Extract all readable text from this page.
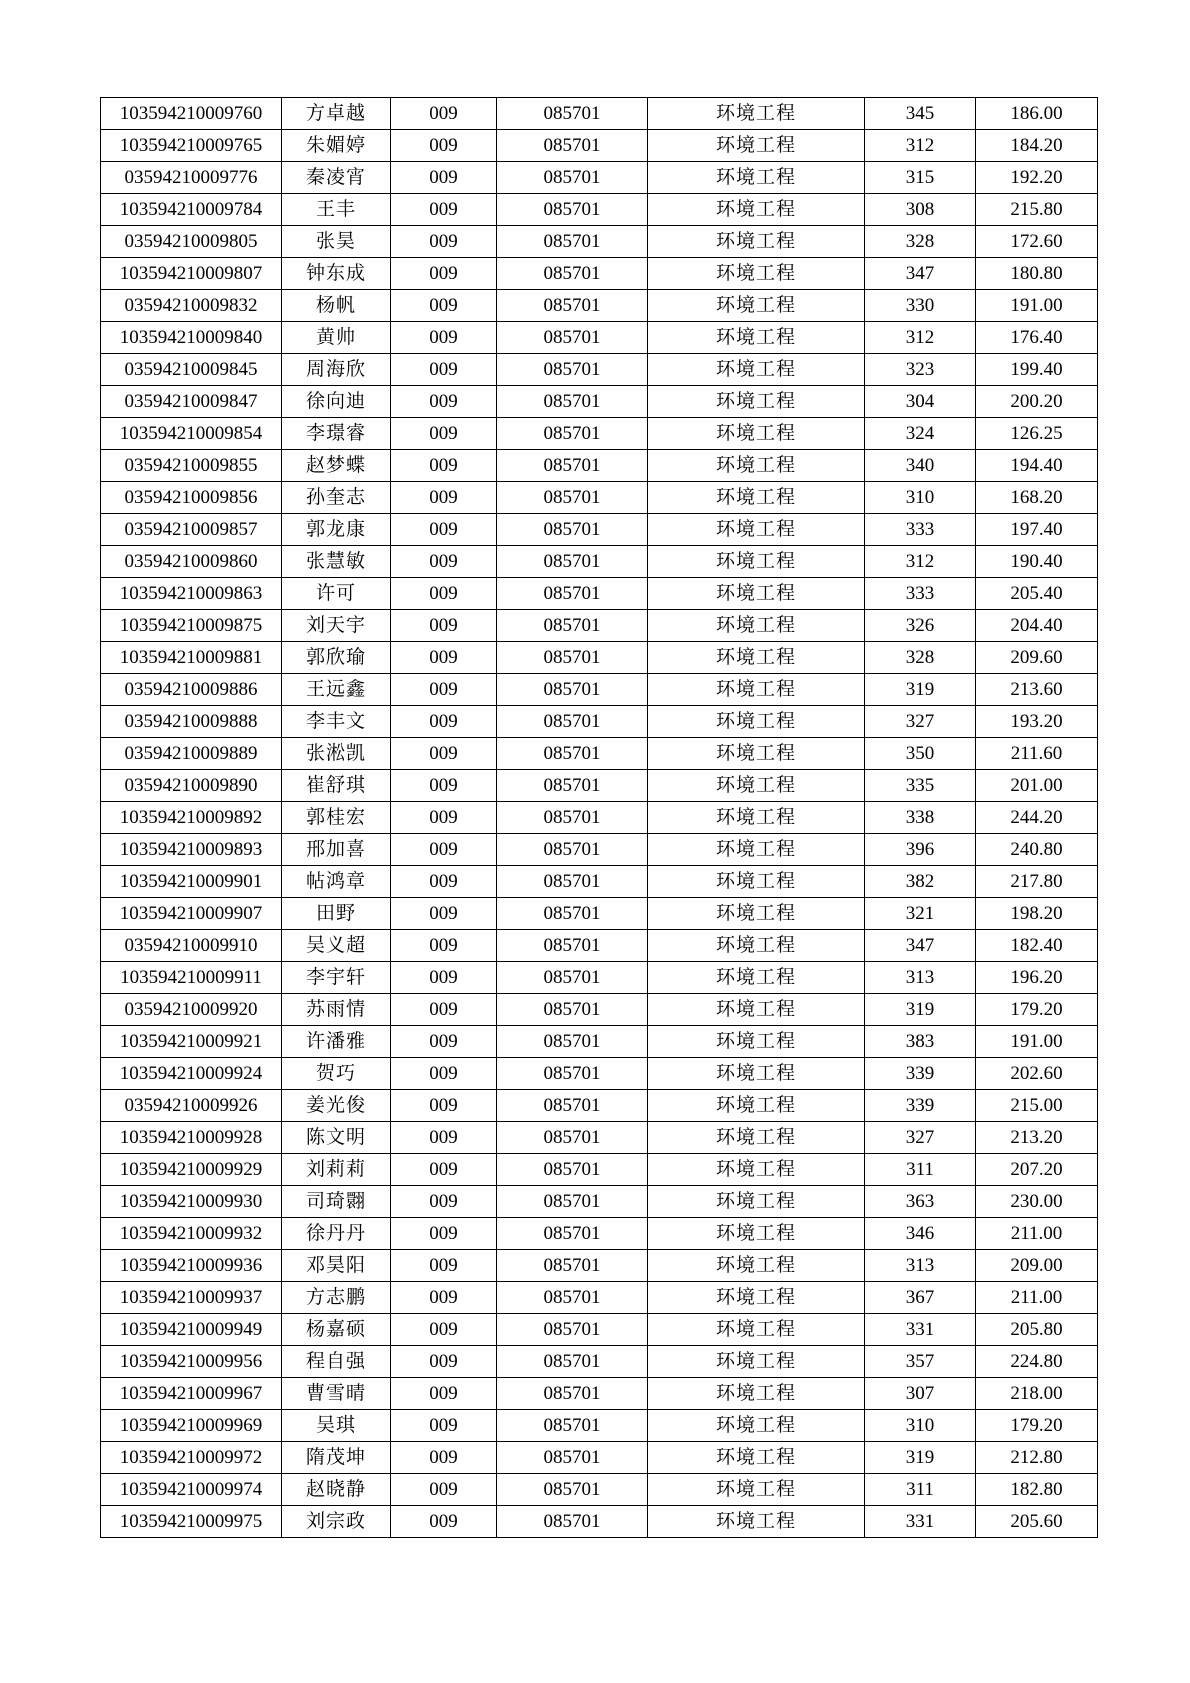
103594210009760	方卓越	009	085701	环境工程	345	186.00
103594210009765	朱媚婷	009	085701	环境工程	312	184.20
03594210009776	秦凌宵	009	085701	环境工程	315	192.20
103594210009784	王丰	009	085701	环境工程	308	215.80
03594210009805	张昊	009	085701	环境工程	328	172.60
103594210009807	钟东成	009	085701	环境工程	347	180.80
03594210009832	杨帆	009	085701	环境工程	330	191.00
103594210009840	黄帅	009	085701	环境工程	312	176.40
03594210009845	周海欣	009	085701	环境工程	323	199.40
03594210009847	徐向迪	009	085701	环境工程	304	200.20
103594210009854	李璟睿	009	085701	环境工程	324	126.25
03594210009855	赵梦蝶	009	085701	环境工程	340	194.40
03594210009856	孙奎志	009	085701	环境工程	310	168.20
03594210009857	郭龙康	009	085701	环境工程	333	197.40
03594210009860	张慧敏	009	085701	环境工程	312	190.40
103594210009863	许可	009	085701	环境工程	333	205.40
103594210009875	刘天宇	009	085701	环境工程	326	204.40
103594210009881	郭欣瑜	009	085701	环境工程	328	209.60
03594210009886	王远鑫	009	085701	环境工程	319	213.60
03594210009888	李丰文	009	085701	环境工程	327	193.20
03594210009889	张淞凯	009	085701	环境工程	350	211.60
03594210009890	崔舒琪	009	085701	环境工程	335	201.00
103594210009892	郭桂宏	009	085701	环境工程	338	244.20
103594210009893	邢加喜	009	085701	环境工程	396	240.80
103594210009901	帖鸿章	009	085701	环境工程	382	217.80
103594210009907	田野	009	085701	环境工程	321	198.20
03594210009910	吴义超	009	085701	环境工程	347	182.40
103594210009911	李宇轩	009	085701	环境工程	313	196.20
03594210009920	苏雨情	009	085701	环境工程	319	179.20
103594210009921	许潘雅	009	085701	环境工程	383	191.00
103594210009924	贺巧	009	085701	环境工程	339	202.60
03594210009926	姜光俊	009	085701	环境工程	339	215.00
103594210009928	陈文明	009	085701	环境工程	327	213.20
103594210009929	刘莉莉	009	085701	环境工程	311	207.20
103594210009930	司琦翾	009	085701	环境工程	363	230.00
103594210009932	徐丹丹	009	085701	环境工程	346	211.00
103594210009936	邓昊阳	009	085701	环境工程	313	209.00
103594210009937	方志鹏	009	085701	环境工程	367	211.00
103594210009949	杨嘉硕	009	085701	环境工程	331	205.80
103594210009956	程自强	009	085701	环境工程	357	224.80
103594210009967	曹雪晴	009	085701	环境工程	307	218.00
103594210009969	吴琪	009	085701	环境工程	310	179.20
103594210009972	隋茂坤	009	085701	环境工程	319	212.80
103594210009974	赵晓静	009	085701	环境工程	311	182.80
103594210009975	刘宗政	009	085701	环境工程	331	205.60
